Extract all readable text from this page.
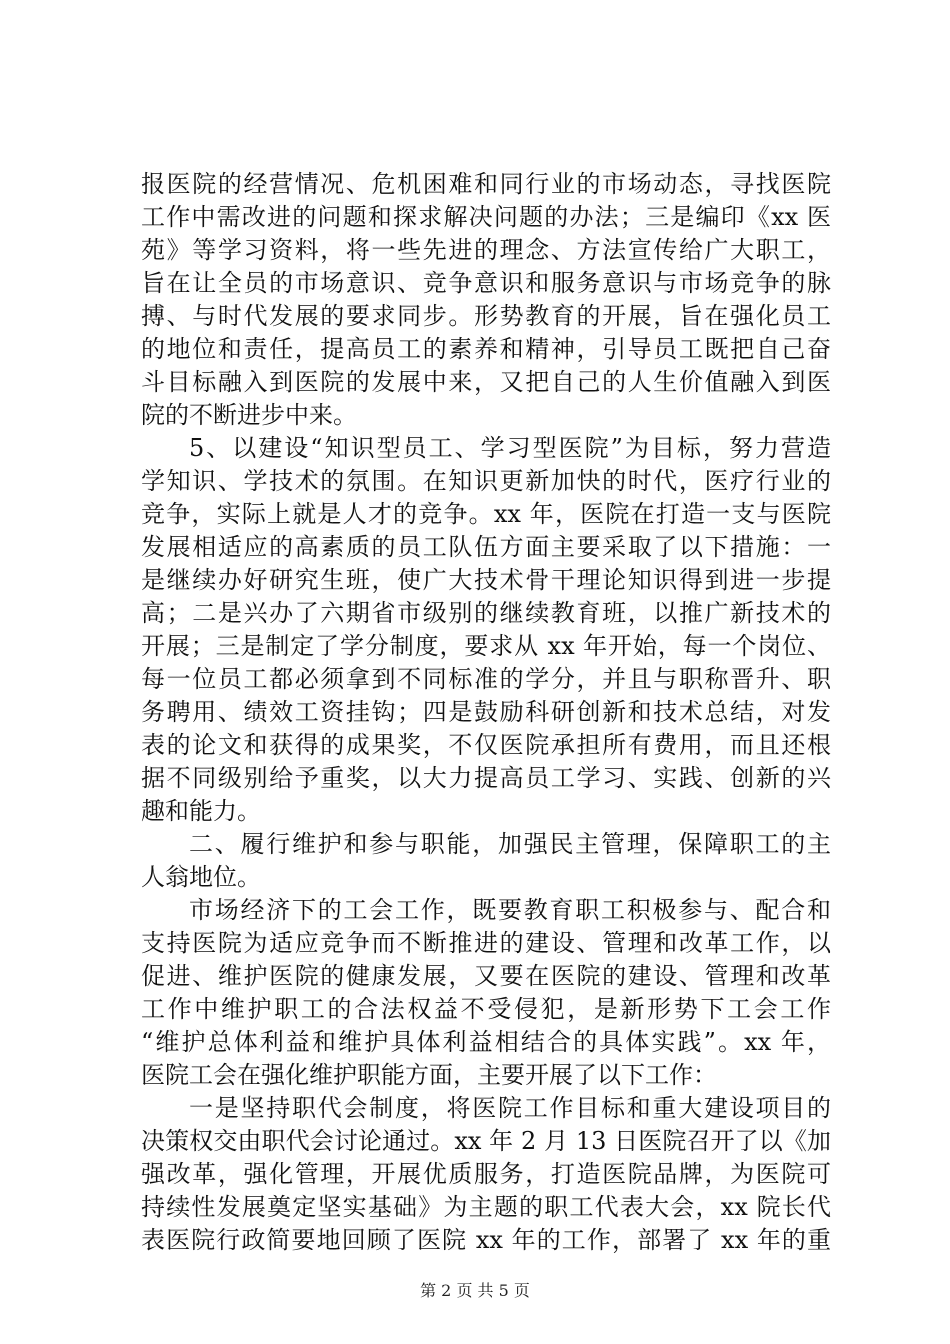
报医院的经营情况、危机困难和同行业的市场动态，寻找医院
工作中需改进的问题和探求解决问题的办法；三是编印《xx 医
苑》等学习资料，将一些先进的理念、方法宣传给广大职工，
旨在让全员的市场意识、竞争意识和服务意识与市场竞争的脉
搏、与时代发展的要求同步。形势教育的开展，旨在强化员工
的地位和责任，提高员工的素养和精神，引导员工既把自己奋
斗目标融入到医院的发展中来，又把自己的人生价值融入到医
院的不断进步中来。
5、以建设“知识型员工、学习型医院”为目标，努力营造
学知识、学技术的氛围。在知识更新加快的时代，医疗行业的
竞争，实际上就是人才的竞争。xx 年，医院在打造一支与医院
发展相适应的高素质的员工队伍方面主要采取了以下措施：一
是继续办好研究生班，使广大技术骨干理论知识得到进一步提
高；二是兴办了六期省市级别的继续教育班，以推广新技术的
开展；三是制定了学分制度，要求从 xx 年开始，每一个岗位、
每一位员工都必须拿到不同标准的学分，并且与职称晋升、职
务聘用、绩效工资挂钩；四是鼓励科研创新和技术总结，对发
表的论文和获得的成果奖，不仅医院承担所有费用，而且还根
据不同级别给予重奖，以大力提高员工学习、实践、创新的兴
趣和能力。
二、履行维护和参与职能，加强民主管理，保障职工的主
人翁地位。
市场经济下的工会工作，既要教育职工积极参与、配合和
支持医院为适应竞争而不断推进的建设、管理和改革工作，以
促进、维护医院的健康发展，又要在医院的建设、管理和改革
工作中维护职工的合法权益不受侵犯，是新形势下工会工作
“维护总体利益和维护具体利益相结合的具体实践”。xx 年，
医院工会在强化维护职能方面，主要开展了以下工作：
一是坚持职代会制度，将医院工作目标和重大建设项目的
决策权交由职代会讨论通过。xx 年 2 月 13 日医院召开了以《加
强改革，强化管理，开展优质服务，打造医院品牌，为医院可
持续性发展奠定坚实基础》为主题的职工代表大会，xx 院长代
表医院行政简要地回顾了医院 xx 年的工作，部署了 xx 年的重
第 2 页 共 5 页
